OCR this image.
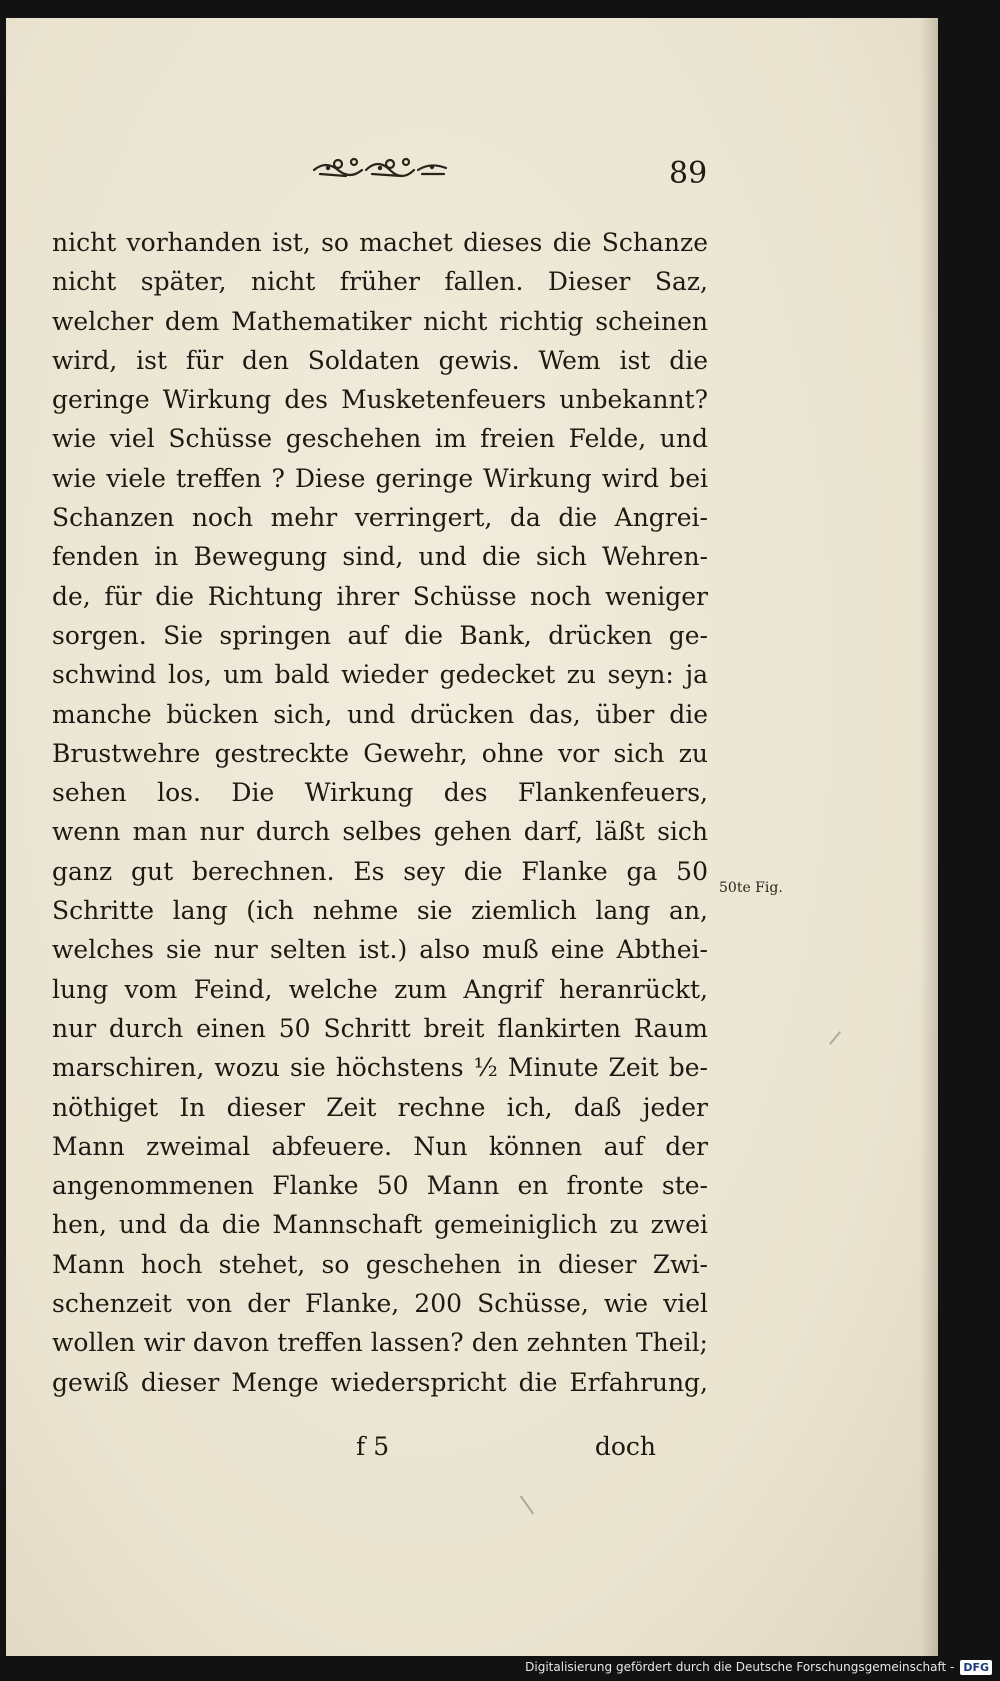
89
nicht vorhanden ist, so machet dieses die Schanze
nicht später, nicht früher fallen. Dieser Saz,
welcher dem Mathematiker nicht richtig scheinen
wird, ist für den Soldaten gewis. Wem ist die
geringe Wirkung des Musketenfeuers unbekannt?
wie viel Schüsse geschehen im freien Felde, und
wie viele treffen ? Diese geringe Wirkung wird bei
Schanzen noch mehr verringert, da die Angrei-
fenden in Bewegung sind, und die sich Wehren-
de, für die Richtung ihrer Schüsse noch weniger
sorgen. Sie springen auf die Bank, drücken ge-
schwind los, um bald wieder gedecket zu seyn: ja
manche bücken sich, und drücken das, über die
Brustwehre gestreckte Gewehr, ohne vor sich zu
sehen los. Die Wirkung des Flankenfeuers,
wenn man nur durch selbes gehen darf, läßt sich
ganz gut berechnen. Es sey die Flanke ga 50
Schritte lang (ich nehme sie ziemlich lang an,
welches sie nur selten ist.) also muß eine Abthei-
lung vom Feind, welche zum Angrif heranrückt,
nur durch einen 50 Schritt breit flankirten Raum
marschiren, wozu sie höchstens ½ Minute Zeit be-
nöthiget In dieser Zeit rechne ich, daß jeder
Mann zweimal abfeuere. Nun können auf der
angenommenen Flanke 50 Mann en fronte ste-
hen, und da die Mannschaft gemeiniglich zu zwei
Mann hoch stehet, so geschehen in dieser Zwi-
schenzeit von der Flanke, 200 Schüsse, wie viel
wollen wir davon treffen lassen? den zehnten Theil;
gewiß dieser Menge wiederspricht die Erfahrung,
f 5	doch
50te Fig.
Digitalisierung gefördert durch die Deutsche Forschungsgemeinschaft - DFG
